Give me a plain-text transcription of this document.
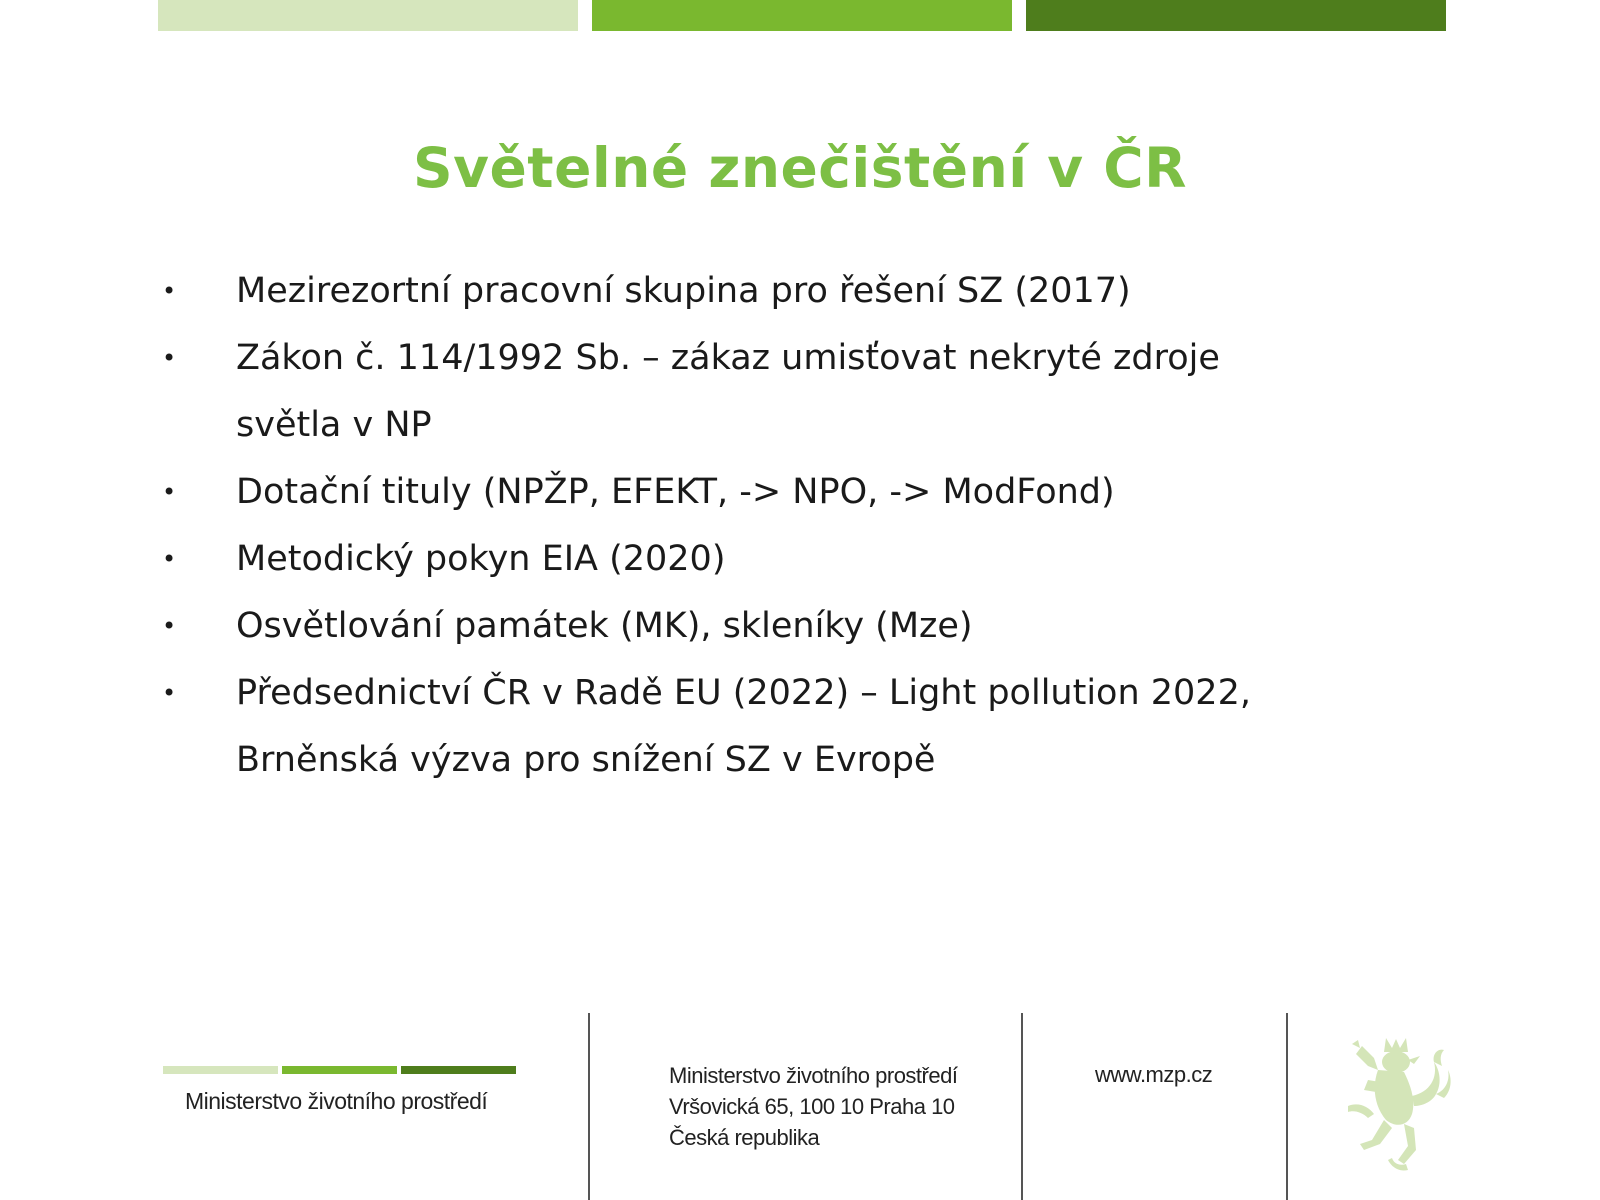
Světelné znečištění v ČR
•	Mezirezortní pracovní skupina pro řešení SZ (2017)
•	Zákon č. 114/1992 Sb. – zákaz umisťovat nekryté zdroje
světla v NP
•	Dotační tituly (NPŽP, EFEKT, -> NPO, -> ModFond)
•	Metodický pokyn EIA (2020)
•	Osvětlování památek (MK), skleníky (Mze)
•	Předsednictví ČR v Radě EU (2022) – Light pollution 2022,
Brněnská výzva pro snížení SZ v Evropě
Ministerstvo životního prostředí
Ministerstvo životního prostředí
Vršovická 65, 100 10 Praha 10
Česká republika
www.mzp.cz
